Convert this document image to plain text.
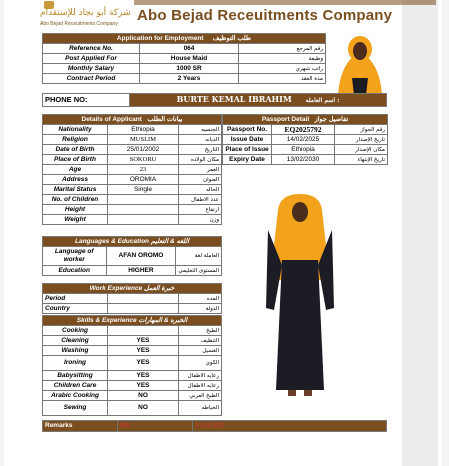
شركة أبو بجاد للإستقدام
Abo Bejad Receuitments Company Abo Bejad Receuitments Company
Application for Employment طلب التوظيف		
Reference No.	064	رقم المرجع
Post Applied For	House Maid	وظيفة
Monthly Salary	1000 SR	راتب شهري
Contract Period	2 Years	مدة العقد
PHONE NO:	BURTE KEMAL IBRAHIM اسم العامله :
Details of Applicant بيانات الطلب		
Nationality	Ethiopia	الجنسيه
Religion	MUSLIM	الديانه
Date of Birth	25/01/2002	التاريخ
Place of Birth	SOKORU	مكان الولاده
Age	23	العمر
Address	OROMIA	العنوان
Marital Status	Single	الحاله
No. of Children		عدد الاطفال
Height		ارتفاع
Weight		وزن
Passport Detail تفاصيل جواز		
Passport No.	EQ2025792	رقم الجواز
Issue Date	14/02/2025	تاريخ الإصدار
Place of Issue	Ethiopia	مكان الإصدار
Expiry Date	13/02/2030	تاريخ الإنتهاء
Languages & Education اللغه & التعليم		
Language of worker	AFAN OROMO	العاملة لغة
Education	HIGHER	المستوى التعليمي
Work Experience خبرة العمل		
Period		المده
Country		الدولة
Skills & Experience الخبره & المهارات		
Cooking		الطبخ
Cleaning	YES	التنظيف
Washing	YES	الغسيل
Ironing	YES	الكوي
Babysitting	YES	رعايه الاطفال
Children Care	YES	رعايه الاطفال
Arabic Cooking	NO	الطبخ العربي
Sewing	NO	الخياطه
Remarks	MK	23/03/2025
